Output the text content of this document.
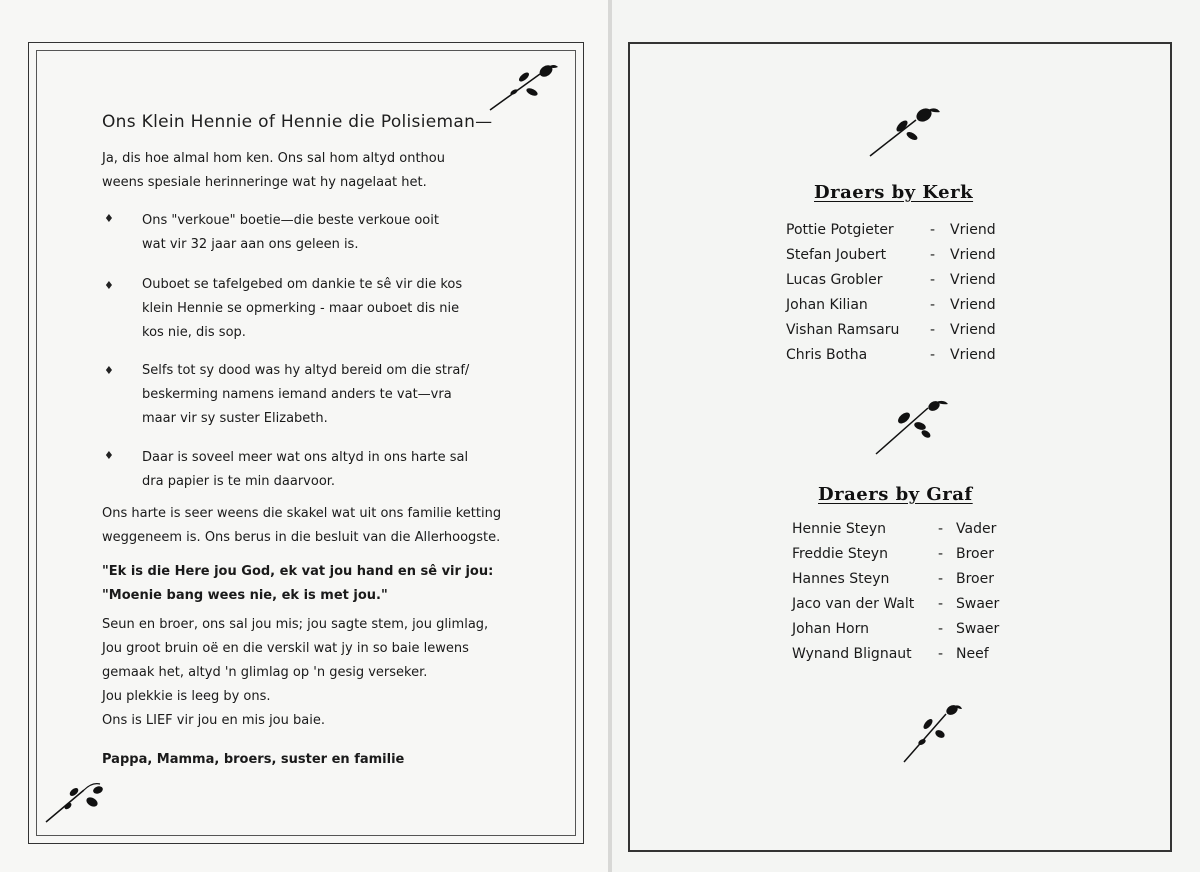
Ons Klein Hennie of Hennie die Polisieman—
Ja, dis hoe almal hom ken. Ons sal hom altyd onthou
weens spesiale herinneringe wat hy nagelaat het.
♦ Ons "verkoue" boetie—die beste verkoue ooit
wat vir 32 jaar aan ons geleen is.
♦ Ouboet se tafelgebed om dankie te sê vir die kos
klein Hennie se opmerking - maar ouboet dis nie
kos nie, dis sop.
♦ Selfs tot sy dood was hy altyd bereid om die straf/
beskerming namens iemand anders te vat—vra
maar vir sy suster Elizabeth.
♦ Daar is soveel meer wat ons altyd in ons harte sal
dra papier is te min daarvoor.
Ons harte is seer weens die skakel wat uit ons familie ketting
weggeneem is. Ons berus in die besluit van die Allerhoogste.
"Ek is die Here jou God, ek vat jou hand en sê vir jou:
"Moenie bang wees nie, ek is met jou."
Seun en broer, ons sal jou mis; jou sagte stem, jou glimlag,
Jou groot bruin oë en die verskil wat jy in so baie lewens
gemaak het, altyd 'n glimlag op 'n gesig verseker.
Jou plekkie is leeg by ons.
Ons is LIEF vir jou en mis jou baie.
Pappa, Mamma, broers, suster en familie
Draers by Kerk
Pottie Potgieter	- Vriend
Stefan Joubert	- Vriend
Lucas Grobler	- Vriend
Johan Kilian	- Vriend
Vishan Ramsaru - Vriend
Chris Botha	- Vriend
Draers by Graf
Hennie Steyn	- Vader
Freddie Steyn	- Broer
Hannes Steyn	- Broer
Jaco van der Walt - Swaer
Johan Horn	- Swaer
Wynand Blignaut - Neef
